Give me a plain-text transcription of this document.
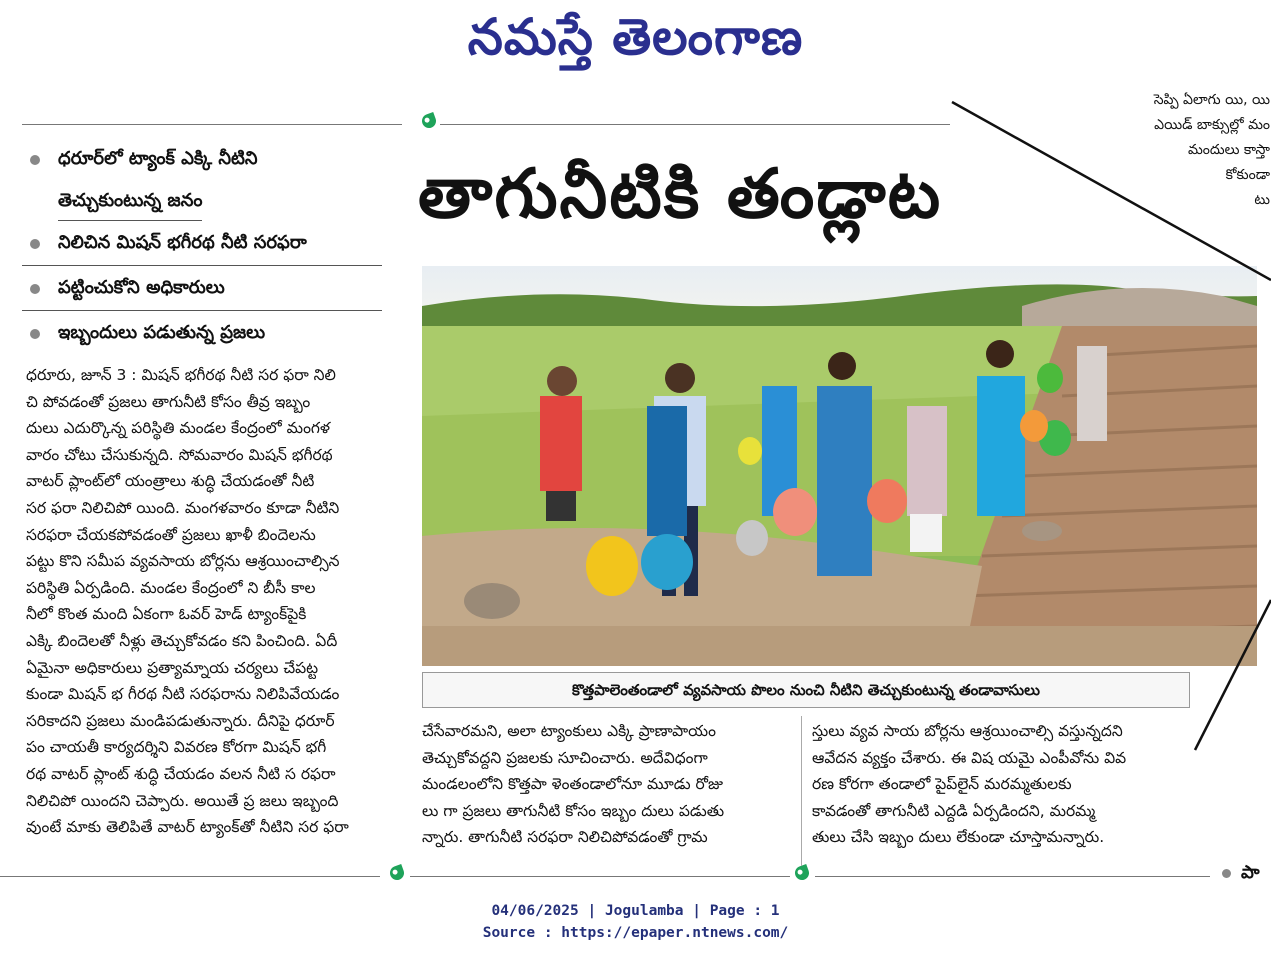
నమస్తే తెలంగాణ
ధరూర్‌లో ట్యాంక్ ఎక్కి నీటిని
తెచ్చుకుంటున్న జనం
నిలిచిన మిషన్ భగీరథ నీటి సరఫరా
పట్టించుకోని అధికారులు
ఇబ్బందులు పడుతున్న ప్రజలు
ధరూరు, జూన్ 3 : మిషన్ భగీరథ నీటి సర ఫరా నిలి
చి పోవడంతో ప్రజలు తాగునీటి కోసం తీవ్ర ఇబ్బం
దులు ఎదుర్కొన్న పరిస్థితి మండల కేంద్రంలో మంగళ
వారం చోటు చేసుకున్నది. సోమవారం మిషన్ భగీరథ
వాటర్ ప్లాంట్‌లో యంత్రాలు శుద్ధి చేయడంతో నీటి
సర ఫరా నిలిచిపో యింది. మంగళవారం కూడా నీటిని
సరఫరా చేయకపోవడంతో ప్రజలు ఖాళీ బిందెలను
పట్టు కొని సమీప వ్యవసాయ బోర్లను ఆశ్రయించాల్సిన
పరిస్థితి ఏర్పడింది. మండల కేంద్రంలో ని బీసీ కాల
నీలో కొంత మంది ఏకంగా ఓవర్ హెడ్ ట్యాంక్‌పైకి
ఎక్కి బిందెలతో నీళ్లు తెచ్చుకోవడం కని పించింది. ఏదీ
ఏమైనా అధికారులు ప్రత్యామ్నాయ చర్యలు చేపట్ట
కుండా మిషన్ భ గీరథ నీటి సరఫరాను నిలిపివేయడం
సరికాదని ప్రజలు మండిపడుతున్నారు. దీనిపై ధరూర్
పం చాయతీ కార్యదర్శిని వివరణ కోరగా మిషన్ భగీ
రథ వాటర్ ప్లాంట్ శుద్ధి చేయడం వలన నీటి స రఫరా
నిలిచిపో యిందని చెప్పారు. అయితే ప్ర జలు ఇబ్బంది
వుంటే మాకు తెలిపితే వాటర్ ట్యాంక్‌తో నీటిని సర ఫరా
తాగునీటికి తండ్లాట
కొత్తపాలెంతండాలో వ్యవసాయ పొలం నుంచి నీటిని తెచ్చుకుంటున్న తండావాసులు
చేసేవారమని, అలా ట్యాంకులు ఎక్కి ప్రాణాపాయం
తెచ్చుకోవద్దని ప్రజలకు సూచించారు. అదేవిధంగా
మండలంలోని కొత్తపా ళెంతండాలోనూ మూడు రోజు
లు గా ప్రజలు తాగునీటి కోసం ఇబ్బం దులు పడుతు
న్నారు. తాగునీటి సరఫరా నిలిచిపోవడంతో గ్రామ
స్తులు వ్యవ సాయ బోర్లను ఆశ్రయించాల్సి వస్తున్నదని
ఆవేదన వ్యక్తం చేశారు. ఈ విష యమై ఎంపీవోను వివ
రణ కోరగా తండాలో పైప్‌లైన్ మరమ్మతులకు
కావడంతో తాగునీటి ఎద్దడి ఏర్పడిందని, మరమ్మ
తులు చేసి ఇబ్బం దులు లేకుండా చూస్తామన్నారు.
సెప్పి ఏలాగు యి, యి
ఎయిడ్ బాక్సుల్లో మం
మందులు కాస్తా
కోకుండా
టు
పా
04/06/2025 | Jogulamba | Page : 1
Source : https://epaper.ntnews.com/
